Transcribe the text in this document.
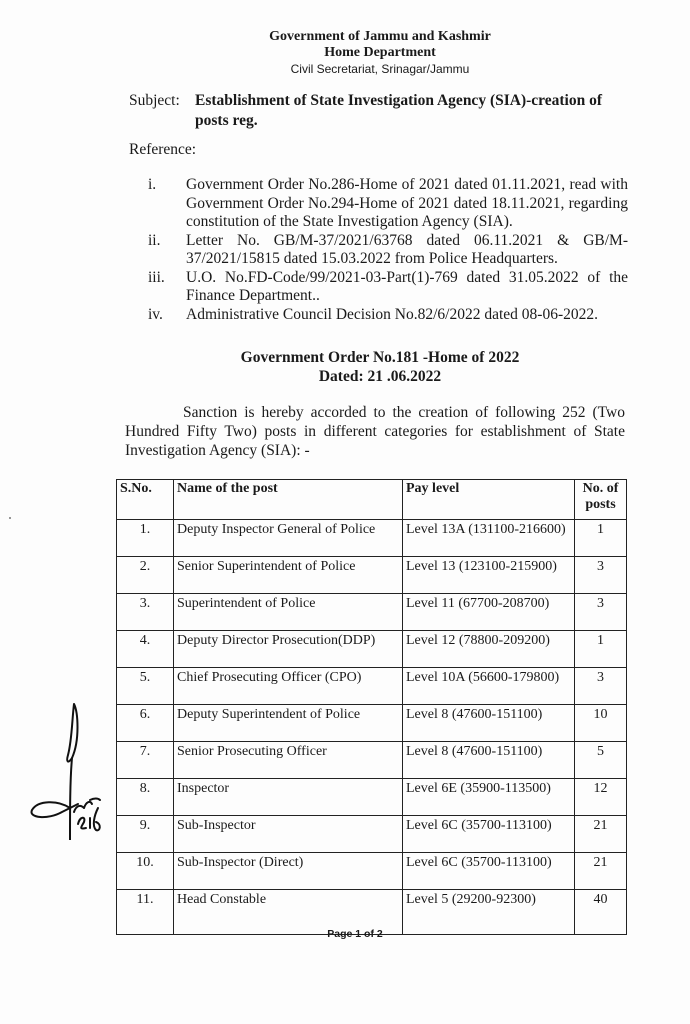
Government of Jammu and Kashmir
Home Department
Civil Secretariat, Srinagar/Jammu
Subject: Establishment of State Investigation Agency (SIA)-creation of
posts reg.
Reference:
i.	Government Order No.286-Home of 2021 dated 01.11.2021, read with Government Order No.294-Home of 2021 dated 18.11.2021, regarding constitution of the State Investigation Agency (SIA).
ii.	Letter No. GB/M-37/2021/63768 dated 06.11.2021 & GB/M-37/2021/15815 dated 15.03.2022 from Police Headquarters.
iii.	U.O. No.FD-Code/99/2021-03-Part(1)-769 dated 31.05.2022 of the Finance Department..
iv.	Administrative Council Decision No.82/6/2022 dated 08-06-2022.
Government Order No.181 -Home of 2022
Dated: 21 .06.2022
Sanction is hereby accorded to the creation of following 252 (Two Hundred Fifty Two) posts in different categories for establishment of State Investigation Agency (SIA): -
S.No.	Name of the post	Pay level	No. of posts
1.	Deputy Inspector General of Police	Level 13A (131100-216600)	1
2.	Senior Superintendent of Police	Level 13 (123100-215900)	3
3.	Superintendent of Police	Level 11 (67700-208700)	3
4.	Deputy Director Prosecution(DDP)	Level 12 (78800-209200)	1
5.	Chief Prosecuting Officer (CPO)	Level 10A (56600-179800)	3
6.	Deputy Superintendent of Police	Level 8 (47600-151100)	10
7.	Senior Prosecuting Officer	Level 8 (47600-151100)	5
8.	Inspector	Level 6E (35900-113500)	12
9.	Sub-Inspector	Level 6C (35700-113100)	21
10.	Sub-Inspector (Direct)	Level 6C (35700-113100)	21
11.	Head Constable	Level 5 (29200-92300)	40
Page 1 of 2
